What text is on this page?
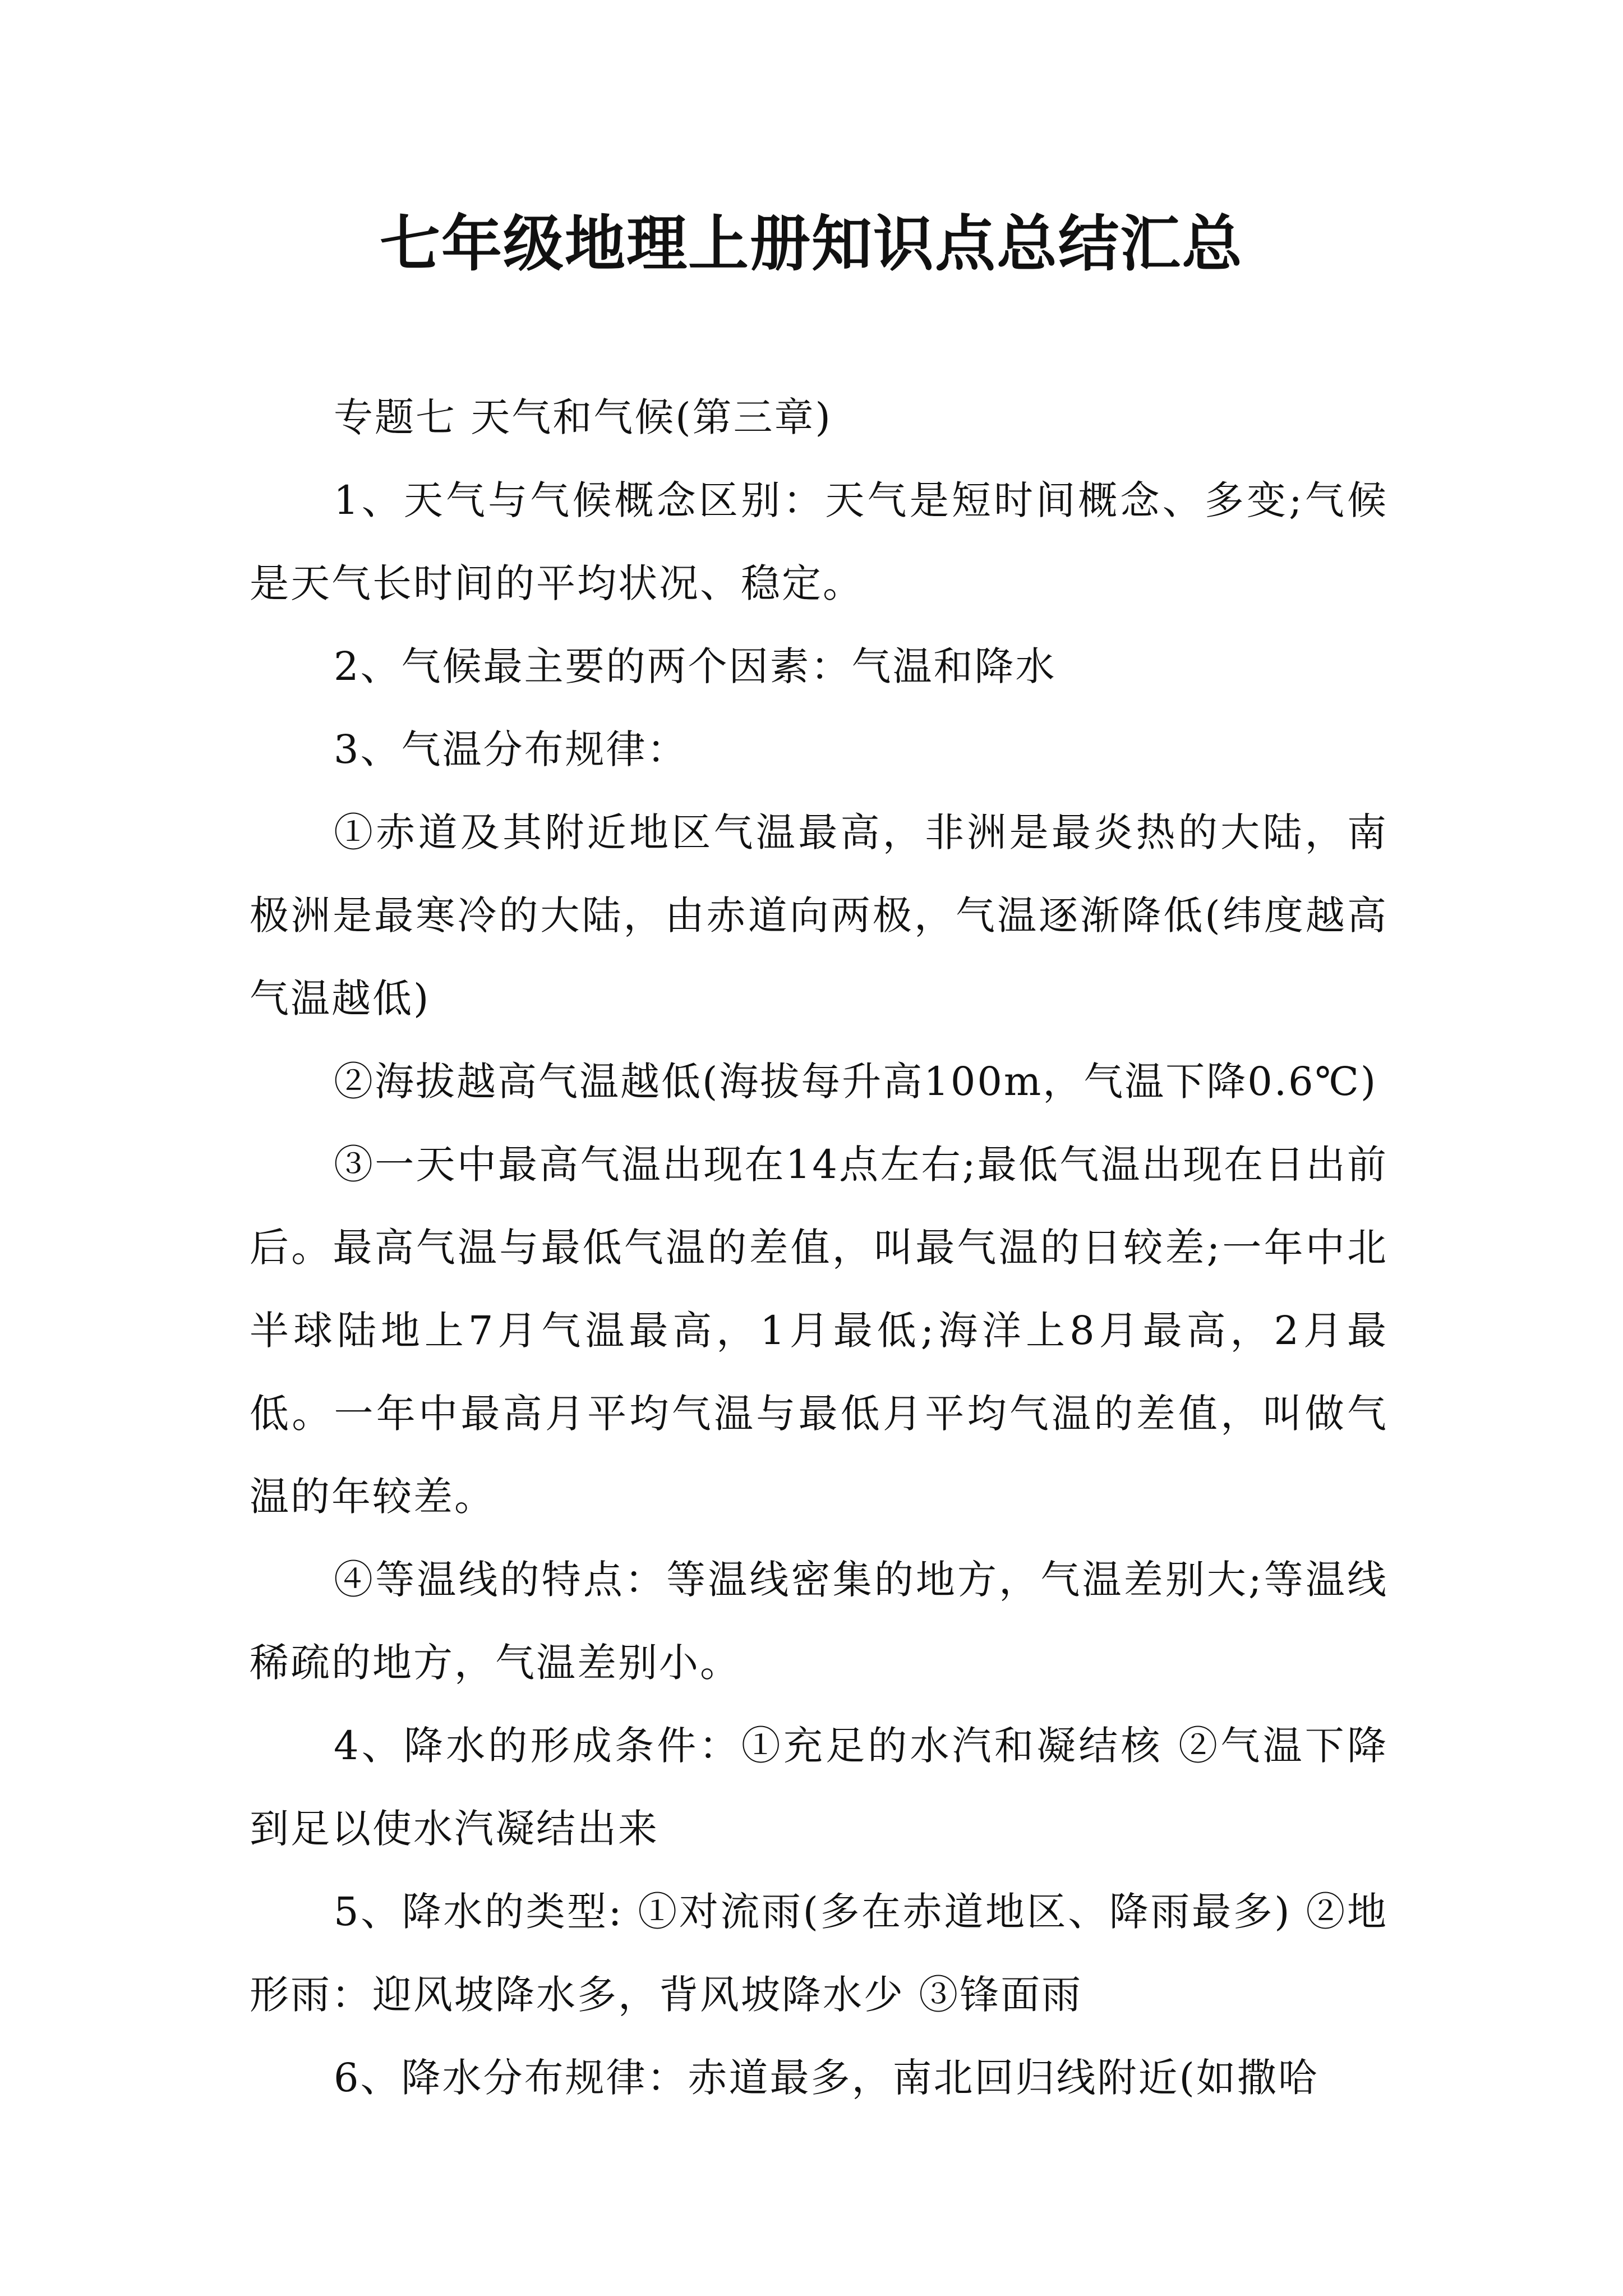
七年级地理上册知识点总结汇总

专题七 天气和气候(第三章)

1、天气与气候概念区别：天气是短时间概念、多变;气候是天气长时间的平均状况、稳定。

2、气候最主要的两个因素：气温和降水

3、气温分布规律：

①赤道及其附近地区气温最高，非洲是最炎热的大陆，南极洲是最寒冷的大陆，由赤道向两极，气温逐渐降低(纬度越高气温越低)

②海拔越高气温越低(海拔每升高100m，气温下降0.6℃)

③一天中最高气温出现在14点左右;最低气温出现在日出前后。最高气温与最低气温的差值，叫最气温的日较差;一年中北半球陆地上7月气温最高，1月最低;海洋上8月最高，2月最低。一年中最高月平均气温与最低月平均气温的差值，叫做气温的年较差。

④等温线的特点：等温线密集的地方，气温差别大;等温线稀疏的地方，气温差别小。

4、降水的形成条件：①充足的水汽和凝结核 ②气温下降到足以使水汽凝结出来

5、降水的类型: ①对流雨(多在赤道地区、降雨最多) ②地形雨：迎风坡降水多，背风坡降水少 ③锋面雨

6、降水分布规律：赤道最多，南北回归线附近(如撒哈
